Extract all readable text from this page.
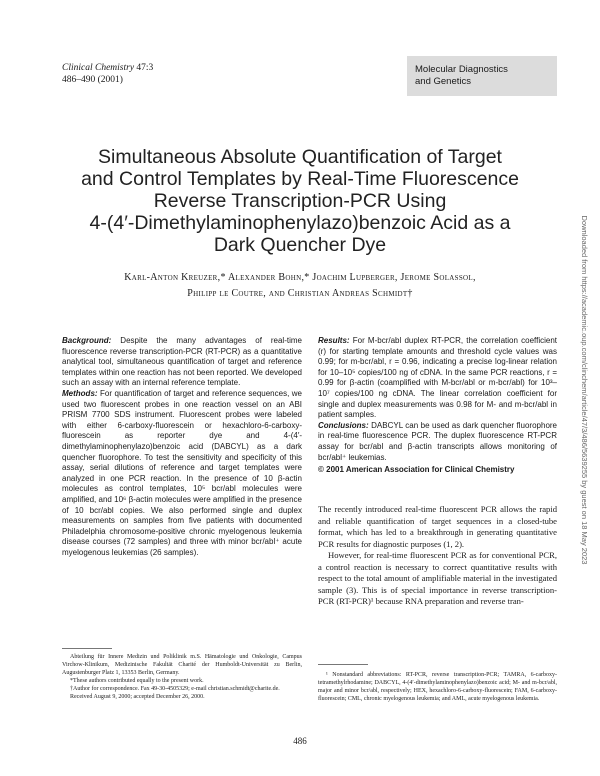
Clinical Chemistry 47:3
486–490 (2001)
Molecular Diagnostics
and Genetics
Simultaneous Absolute Quantification of Target
and Control Templates by Real-Time Fluorescence
Reverse Transcription-PCR Using
4-(4′-Dimethylaminophenylazo)benzoic Acid as a
Dark Quencher Dye
Karl-Anton Kreuzer,* Alexander Bohn,* Joachim Lupberger, Jerome Solassol,
Philipp le Coutre, and Christian Andreas Schmidt†

Background: Despite the many advantages of real-time fluorescence reverse transcription-PCR (RT-PCR) as a quantitative analytical tool, simultaneous quantification of target and reference templates within one reaction has not been reported. We developed such an assay with an internal reference template.

Methods: For quantification of target and reference sequences, we used two fluorescent probes in one reaction vessel on an ABI PRISM 7700 SDS instrument. Fluorescent probes were labeled with either 6-carboxy-fluorescein or hexachloro-6-carboxy-fluorescein as reporter dye and 4-(4′-dimethylaminophenylazo)benzoic acid (DABCYL) as a dark quencher fluorophore. To test the sensitivity and specificity of this assay, serial dilutions of reference and target templates were analyzed in one PCR reaction. In the presence of 10 β-actin molecules as control templates, 10⁵ bcr/abl molecules were amplified, and 10⁶ β-actin molecules were amplified in the presence of 10 bcr/abl copies. We also performed single and duplex measurements on samples from five patients with documented Philadelphia chromosome-positive chronic myelogenous leukemia disease courses (72 samples) and three with minor bcr/abl⁺ acute myelogenous leukemias (26 samples).

Results: For M-bcr/abl duplex RT-PCR, the correlation coefficient (r) for starting template amounts and threshold cycle values was 0.99; for m-bcr/abl, r = 0.96, indicating a precise log-linear relation for 10–10⁵ copies/100 ng of cDNA. In the same PCR reactions, r = 0.99 for β-actin (coamplified with M-bcr/abl or m-bcr/abl) for 10³–10⁷ copies/100 ng cDNA. The linear correlation coefficient for single and duplex measurements was 0.98 for M- and m-bcr/abl in patient samples.

Conclusions: DABCYL can be used as dark quencher fluorophore in real-time fluorescence PCR. The duplex fluorescence RT-PCR assay for bcr/abl and β-actin transcripts allows monitoring of bcr/abl⁺ leukemias.

© 2001 American Association for Clinical Chemistry

The recently introduced real-time fluorescent PCR allows the rapid and reliable quantification of target sequences in a closed-tube format, which has led to a breakthrough in generating quantitative PCR results for diagnostic purposes (1, 2).

However, for real-time fluorescent PCR as for conventional PCR, a control reaction is necessary to correct quantitative results with respect to the total amount of amplifiable material in the investigated sample (3). This is of special importance in reverse transcription-PCR (RT-PCR)¹ because RNA preparation and reverse tran-

Abteilung für Innere Medizin und Poliklinik m.S. Hämatologie und Onkologie, Campus Virchow-Klinikum, Medizinische Fakultät Charité der Humboldt-Universität zu Berlin, Augustenburger Platz 1, 13353 Berlin, Germany.

*These authors contributed equally to the present work.

†Author for correspondence. Fax 49-30-4505329; e-mail christian.schmidt@charite.de.

Received August 9, 2000; accepted December 26, 2000.

¹ Nonstandard abbreviations: RT-PCR, reverse transcription-PCR; TAMRA, 6-carboxy-tetramethylrhodamine; DABCYL, 4-(4′-dimethylaminophenylazo)benzoic acid; M- and m-bcr/abl, major and minor bcr/abl, respectively; HEX, hexachloro-6-carboxy-fluorescein; FAM, 6-carboxy-fluorescein; CML, chronic myelogenous leukemia; and AML, acute myelogenous leukemia.

486
Downloaded from https://academic.oup.com/clinchem/article/47/3/486/5639255 by guest on 18 May 2023
